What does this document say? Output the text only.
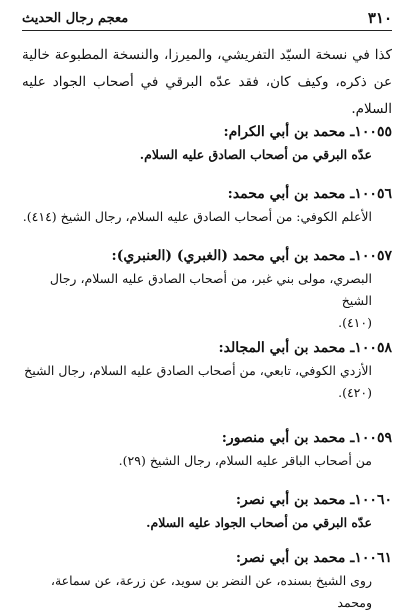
٣١٠
معجم رجال الحديث
كذا في نسخة السيّد التفريشي، والميرزا، والنسخة المطبوعة خالية عن ذكره، وكيف كان، فقد عدّه البرقي في أصحاب الجواد عليه السلام.
١٠٠٥٥ـ محمد بن أبي الكرام:
عدّه البرقي من أصحاب الصادق عليه السلام.
١٠٠٥٦ـ محمد بن أبي محمد:
الأعلم الكوفي: من أصحاب الصادق عليه السلام، رجال الشيخ (٤١٤).
١٠٠٥٧ـ محمد بن أبي محمد (الغبري) (العنبري):
البصري، مولى بني غبر، من أصحاب الصادق عليه السلام، رجال الشيخ
(٤١٠).
١٠٠٥٨ـ محمد بن أبي المجالد:
الأزدي الكوفي، تابعي، من أصحاب الصادق عليه السلام، رجال الشيخ
(٤٢٠).
١٠٠٥٩ـ محمد بن أبي منصور:
من أصحاب الباقر عليه السلام، رجال الشيخ (٢٩).
١٠٠٦٠ـ محمد بن أبي نصر:
عدّه البرقي من أصحاب الجواد عليه السلام.
١٠٠٦١ـ محمد بن أبي نصر:
روى الشيخ بسنده، عن النضر بن سويد، عن زرعة، عن سماعة، ومحمد
